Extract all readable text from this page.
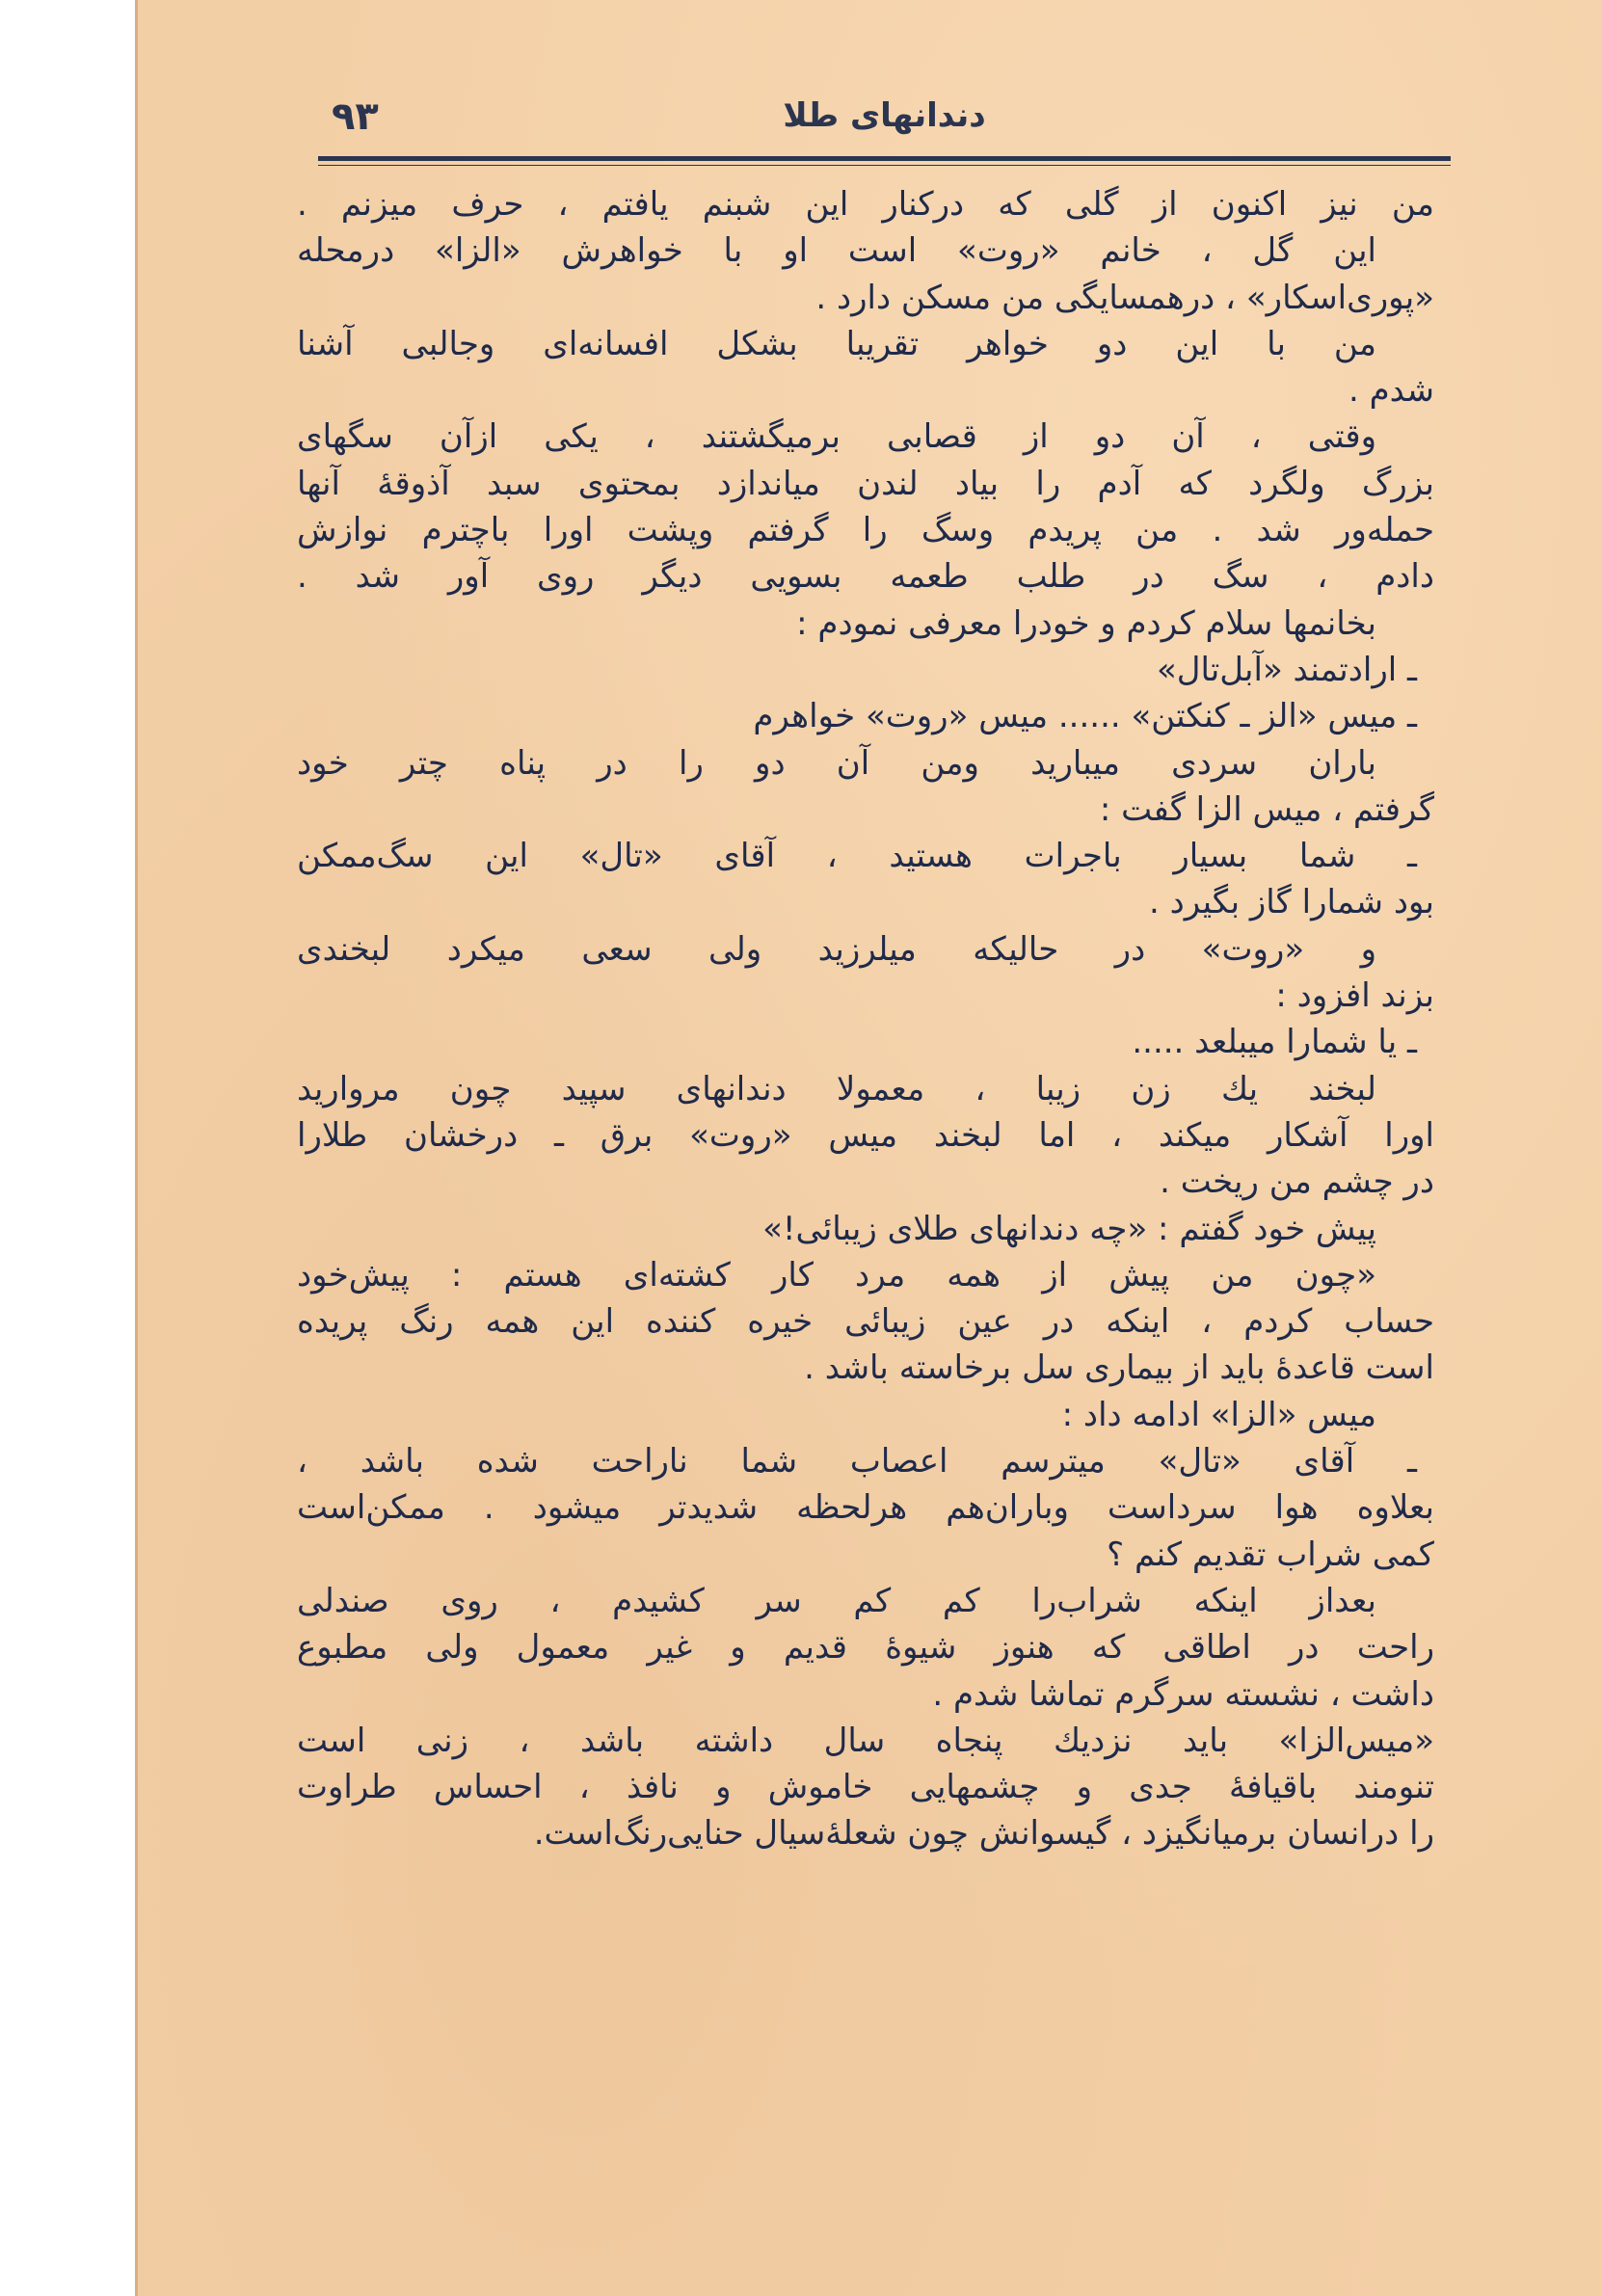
۹۳	دندانهای طلا
من نیز اکنون از گلی که درکنار این شبنم یافتم ، حرف میزنم .
این گل ، خانم «روت» است او با خواهرش «الزا» درمحله
«پوری‌اسکار» ، درهمسایگی من مسکن دارد .
من با این دو خواهر تقریبا بشکل افسانه‌ای وجالبی آشنا
شدم .
وقتی ، آن دو از قصابی برمیگشتند ، یکی ازآن سگهای
بزرگ ولگرد که آدم را بیاد لندن میاندازد بمحتوی سبد آذوقهٔ آنها
حمله‌ور شد . من پریدم وسگ را گرفتم وپشت اورا باچترم نوازش
دادم ، سگ در طلب طعمه بسویی دیگر روی آور شد .
بخانمها سلام کردم و خودرا معرفی نمودم :
ـ ارادتمند «آبل‌تال»
ـ میس «الز ـ کنکتن» ...... میس «روت» خواهرم
باران سردی میبارید ومن آن دو را در پناه چتر خود
گرفتم ، میس الزا گفت :
ـ شما بسیار باجرات هستید ، آقای «تال» این سگ‌ممکن
بود شمارا گاز بگیرد .
و «روت» در حالیکه میلرزید ولی سعی میکرد لبخندی
بزند افزود :
ـ یا شمارا میبلعد .....
لبخند یك زن زیبا ، معمولا دندانهای سپید چون مروارید
اورا آشکار میکند ، اما لبخند میس «روت» برق ـ درخشان طلارا
در چشم من ریخت .
پیش خود گفتم : «چه دندانهای طلای زیبائی!»
«چون من پیش از همه مرد کار کشته‌ای هستم : پیش‌خود
حساب کردم ، اینکه در عین زیبائی خیره کننده این همه رنگ پریده
است قاعدهٔ باید از بیماری سل برخاسته باشد .
میس «الزا» ادامه داد :
ـ آقای «تال» میترسم اعصاب شما ناراحت شده باشد ،
بعلاوه هوا سرداست وباران‌هم هرلحظه شدیدتر میشود . ممکن‌است
کمی شراب تقدیم کنم ؟
بعداز اینکه شراب‌را کم کم سر کشیدم ، روی صندلی
راحت در اطاقی که هنوز شیوهٔ قدیم و غیر معمول ولی مطبوع
داشت ، نشسته سرگرم تماشا شدم .
«میس‌الزا» باید نزدیك پنجاه سال داشته باشد ، زنی است
تنومند باقیافهٔ جدی و چشمهایی خاموش و نافذ ، احساس طراوت
را درانسان برمیانگیزد ، گیسوانش چون شعلهٔ‌سیال حنایی‌رنگ‌است.
